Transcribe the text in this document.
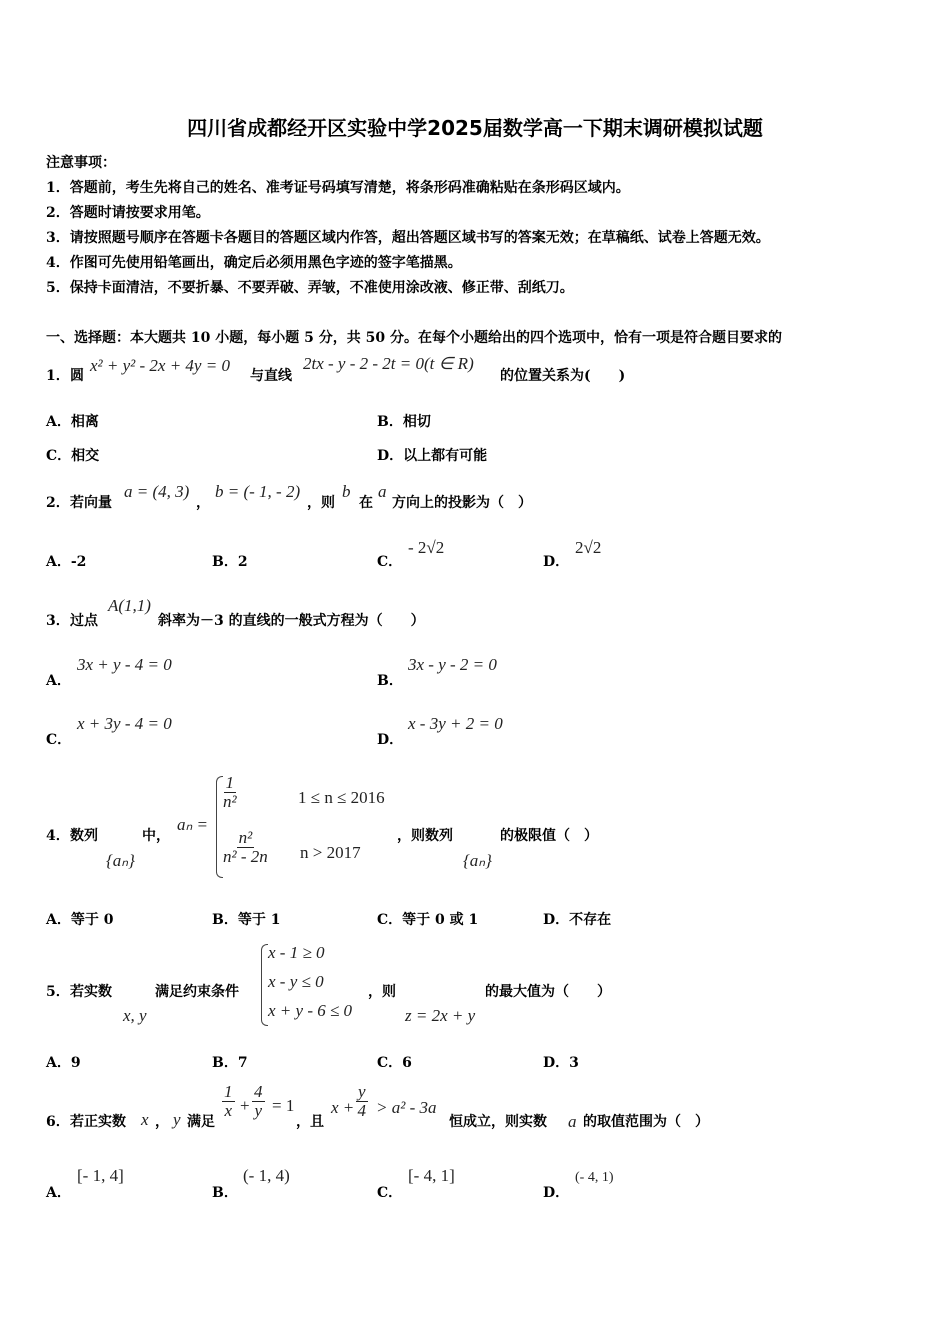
四川省成都经开区实验中学2025届数学高一下期末调研模拟试题
注意事项：
1．答题前，考生先将自己的姓名、准考证号码填写清楚，将条形码准确粘贴在条形码区域内。
2．答题时请按要求用笔。
3．请按照题号顺序在答题卡各题目的答题区域内作答，超出答题区域书写的答案无效；在草稿纸、试卷上答题无效。
4．作图可先使用铅笔画出，确定后必须用黑色字迹的签字笔描黑。
5．保持卡面清洁，不要折暴、不要弄破、弄皱，不准使用涂改液、修正带、刮纸刀。
一、选择题：本大题共 10 小题，每小题 5 分，共 50 分。在每个小题给出的四个选项中，恰有一项是符合题目要求的
1． 圆
x² + y² - 2x + 4y = 0
与直线
2tx - y - 2 - 2t = 0(t ∈ R)
的位置关系为(　　)
A．相离	B．相切
C．相交	D．以上都有可能
2． 若向量
a = (4, 3)
，
b = (- 1, - 2)
，则
b
在
a
方向上的投影为（　）
A．-2	B．2	C．
- 2√2
D．
2√2
3． 过点
A(1,1)
斜率为－3 的直线的一般式方程为（　　）
A．
3x + y - 4 = 0
B．
3x - y - 2 = 0
C．
x + 3y - 4 = 0
D．
x - 3y + 2 = 0
4． 数列
{aₙ}
中，
aₙ =
$\frac{1}{\text{n²}}$	1 ≤ n ≤ 2016
$\frac{\text{n²}}{\text{n² - 2n}}$ n > 2017
，则数列
{aₙ}
的极限值（　）
A．等于 0	B．等于 1	C．等于 0 或 1	D．不存在
5． 若实数
x, y
满足约束条件
x - 1 ≥ 0
x - y ≤ 0
x + y - 6 ≤ 0
，则
z = 2x + y
的最大值为（　　）
A．9	B．7	C．6	D．3
6． 若正实数 x ， y 满足
$\frac{1}{x} + \frac{4}{y} = 1$
，且
$x + \frac{y}{4} > a^2 - 3a$
恒成立，则实数 a 的取值范围为（　）
A．
[- 1, 4]
B．
(- 1, 4)
C．
[- 4, 1]
D．
(- 4, 1)
